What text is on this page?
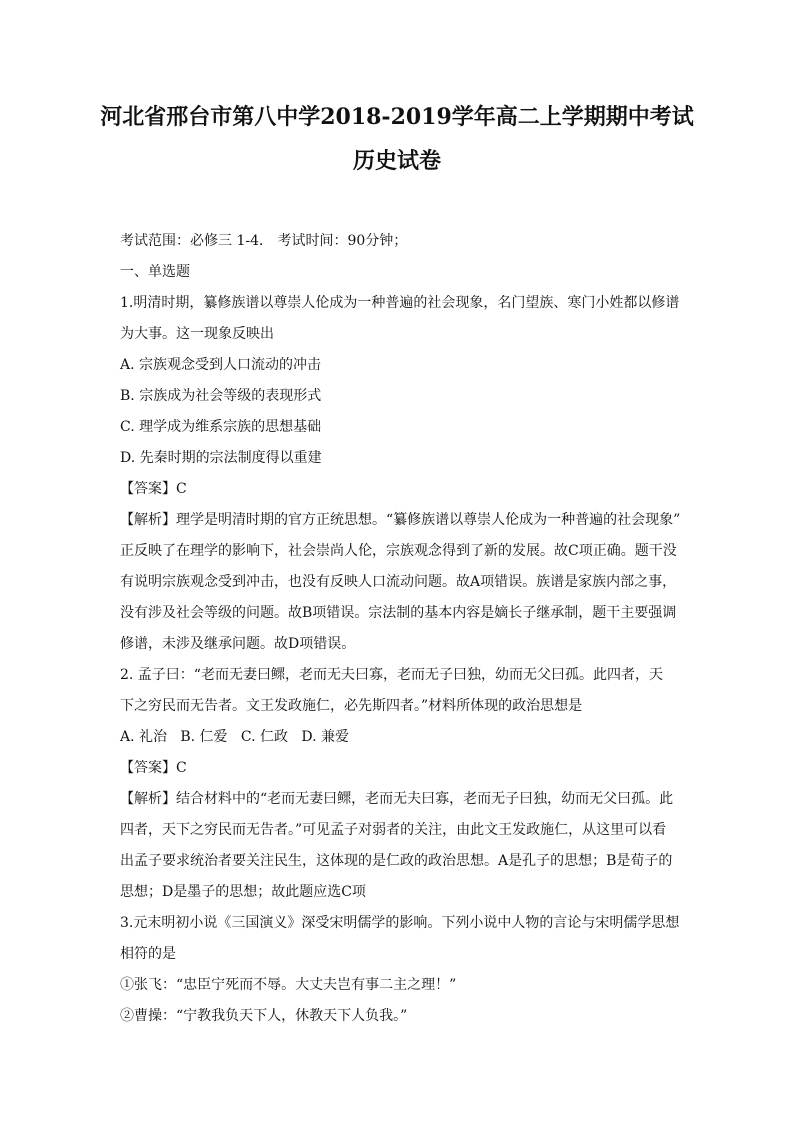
河北省邢台市第八中学2018-2019学年高二上学期期中考试
历史试卷
考试范围：必修三 1-4． 考试时间：90分钟；
一、单选题
1.明清时期，纂修族谱以尊崇人伦成为一种普遍的社会现象，名门望族、寒门小姓都以修谱
为大事。这一现象反映出
A. 宗族观念受到人口流动的冲击
B. 宗族成为社会等级的表现形式
C. 理学成为维系宗族的思想基础
D. 先秦时期的宗法制度得以重建
【答案】C
【解析】理学是明清时期的官方正统思想。“纂修族谱以尊崇人伦成为一种普遍的社会现象”
正反映了在理学的影响下，社会崇尚人伦，宗族观念得到了新的发展。故C项正确。题干没
有说明宗族观念受到冲击，也没有反映人口流动问题。故A项错误。族谱是家族内部之事，
没有涉及社会等级的问题。故B项错误。宗法制的基本内容是嫡长子继承制，题干主要强调
修谱，未涉及继承问题。故D项错误。
2. 孟子曰：“老而无妻曰鳏，老而无夫曰寡，老而无子曰独，幼而无父曰孤。此四者，天
下之穷民而无告者。文王发政施仁，必先斯四者。”材料所体现的政治思想是
A. 礼治   B. 仁爱   C. 仁政   D. 兼爱
【答案】C
【解析】结合材料中的“老而无妻曰鳏，老而无夫曰寡，老而无子曰独，幼而无父曰孤。此
四者，天下之穷民而无告者。”可见孟子对弱者的关注，由此文王发政施仁，从这里可以看
出孟子要求统治者要关注民生，这体现的是仁政的政治思想。A是孔子的思想；B是荀子的
思想；D是墨子的思想；故此题应选C项
3.元末明初小说《三国演义》深受宋明儒学的影响。下列小说中人物的言论与宋明儒学思想
相符的是
①张飞：“忠臣宁死而不辱。大丈夫岂有事二主之理！”
②曹操：“宁教我负天下人，休教天下人负我。”
